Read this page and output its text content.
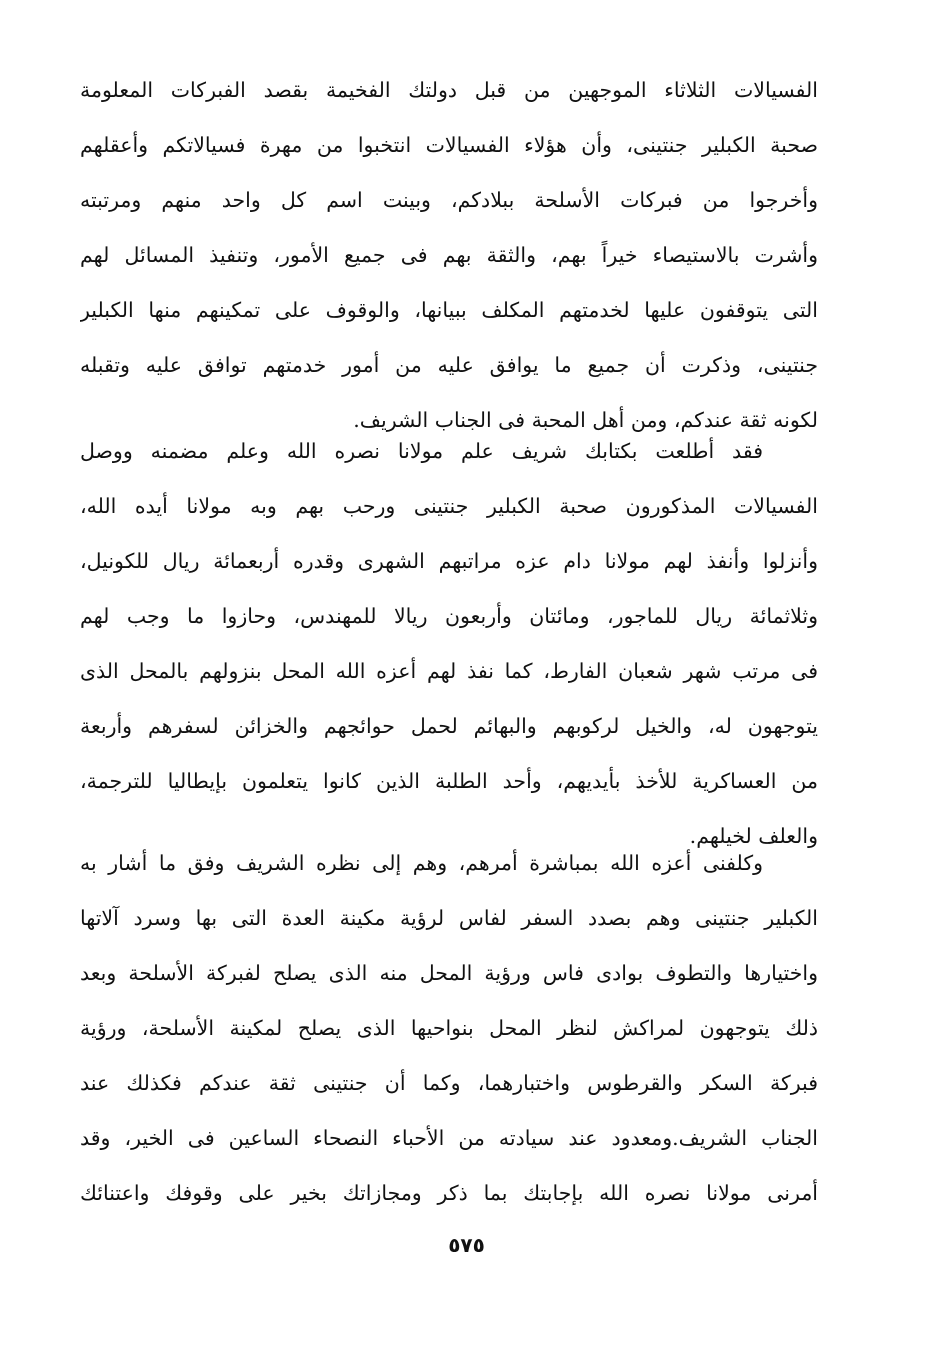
الفسيالات الثلاثاء الموجهين من قبل دولتك الفخيمة بقصد الفبركات المعلومة
صحبة الكبلير جنتينى، وأن هؤلاء الفسيالات انتخبوا من مهرة فسيالاتكم وأعقلهم
وأخرجوا من فبركات الأسلحة ببلادكم، وبينت اسم كل واحد منهم ومرتبته
وأشرت بالاستيصاء خيراً بهم، والثقة بهم فى جميع الأمور، وتنفيذ المسائل لهم
التى يتوقفون عليها لخدمتهم المكلف ببيانها، والوقوف على تمكينهم منها الكبلير
جنتينى، وذكرت أن جميع ما يوافق عليه من أمور خدمتهم توافق عليه وتقبله
لكونه ثقة عندكم، ومن أهل المحبة فى الجناب الشريف.
فقد أطلعت بكتابك شريف علم مولانا نصره الله وعلم مضمنه ووصل
الفسيالات المذكورون صحبة الكبلير جنتينى ورحب بهم وبه مولانا أيده الله،
وأنزلوا وأنفذ لهم مولانا دام عزه مراتبهم الشهرى وقدره أربعمائة ريال للكونيل،
وثلاثمائة ريال للماجور، ومائتان وأربعون ريالا للمهندس، وحازوا ما وجب لهم
فى مرتب شهر شعبان الفارط، كما نفذ لهم أعزه الله المحل بنزولهم بالمحل الذى
يتوجهون له، والخيل لركوبهم والبهائم لحمل حوائجهم والخزائن لسفرهم وأربعة
من العساكرية للأخذ بأيديهم، وأحد الطلبة الذين كانوا يتعلمون بإيطاليا للترجمة،
والعلف لخيلهم.
وكلفنى أعزه الله بمباشرة أمرهم، وهم إلى نظره الشريف وفق ما أشار به
الكبلير جنتينى وهم بصدد السفر لفاس لرؤية مكينة العدة التى بها وسرد آلاتها
واختيارها والتطوف بوادى فاس ورؤية المحل منه الذى يصلح لفبركة الأسلحة وبعد
ذلك يتوجهون لمراكش لنظر المحل بنواحيها الذى يصلح لمكينة الأسلحة، ورؤية
فبركة السكر والقرطوس واختبارهما، وكما أن جنتينى ثقة عندكم فكذلك عند
الجناب الشريف.ومعدود عند سيادته من الأحباء النصحاء الساعين فى الخير، وقد
أمرنى مولانا نصره الله بإجابتك بما ذكر ومجازاتك بخير على وقوفك واعتنائك
٥٧٥
